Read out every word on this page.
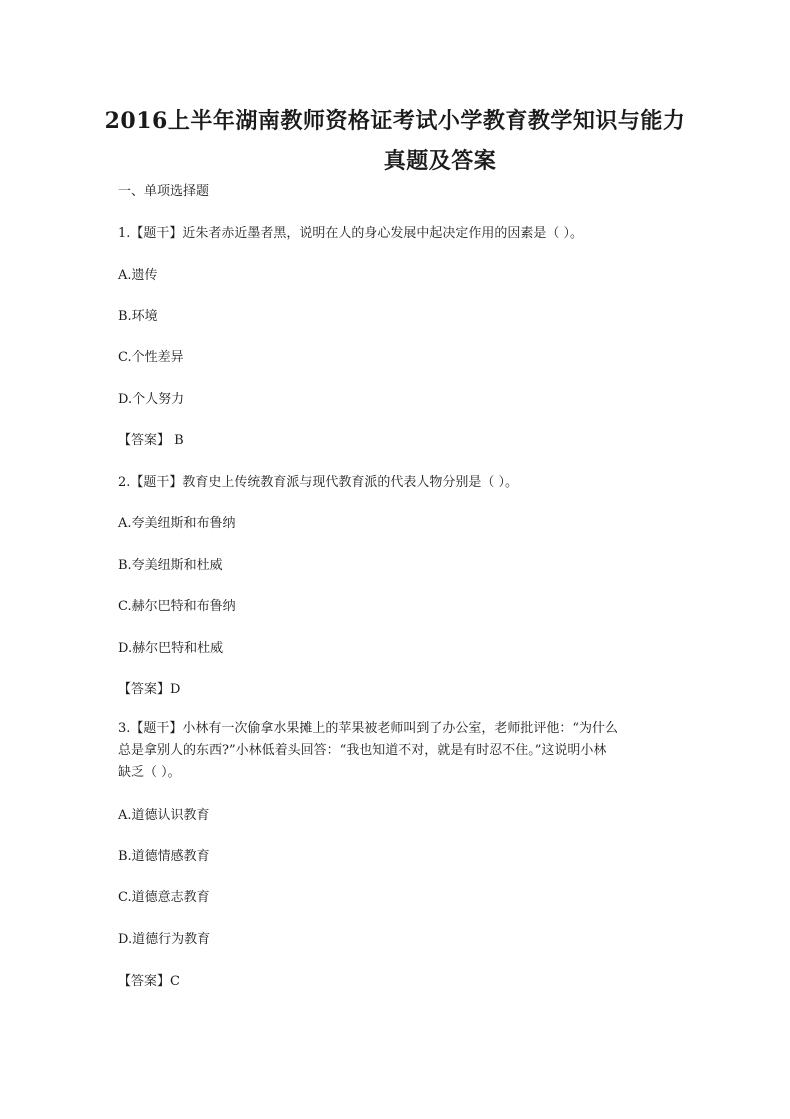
2016上半年湖南教师资格证考试小学教育教学知识与能力
真题及答案
一、单项选择题
1.【题干】近朱者赤近墨者黑，说明在人的身心发展中起决定作用的因素是（ ）。
A.遗传
B.环境
C.个性差异
D.个人努力
【答案】 B
2.【题干】教育史上传统教育派与现代教育派的代表人物分别是（ ）。
A.夸美纽斯和布鲁纳
B.夸美纽斯和杜威
C.赫尔巴特和布鲁纳
D.赫尔巴特和杜威
【答案】D
3.【题干】小林有一次偷拿水果摊上的苹果被老师叫到了办公室，老师批评他：“为什么
总是拿别人的东西?”小林低着头回答：“我也知道不对，就是有时忍不住。”这说明小林
缺乏（ ）。
A.道德认识教育
B.道德情感教育
C.道德意志教育
D.道德行为教育
【答案】C
